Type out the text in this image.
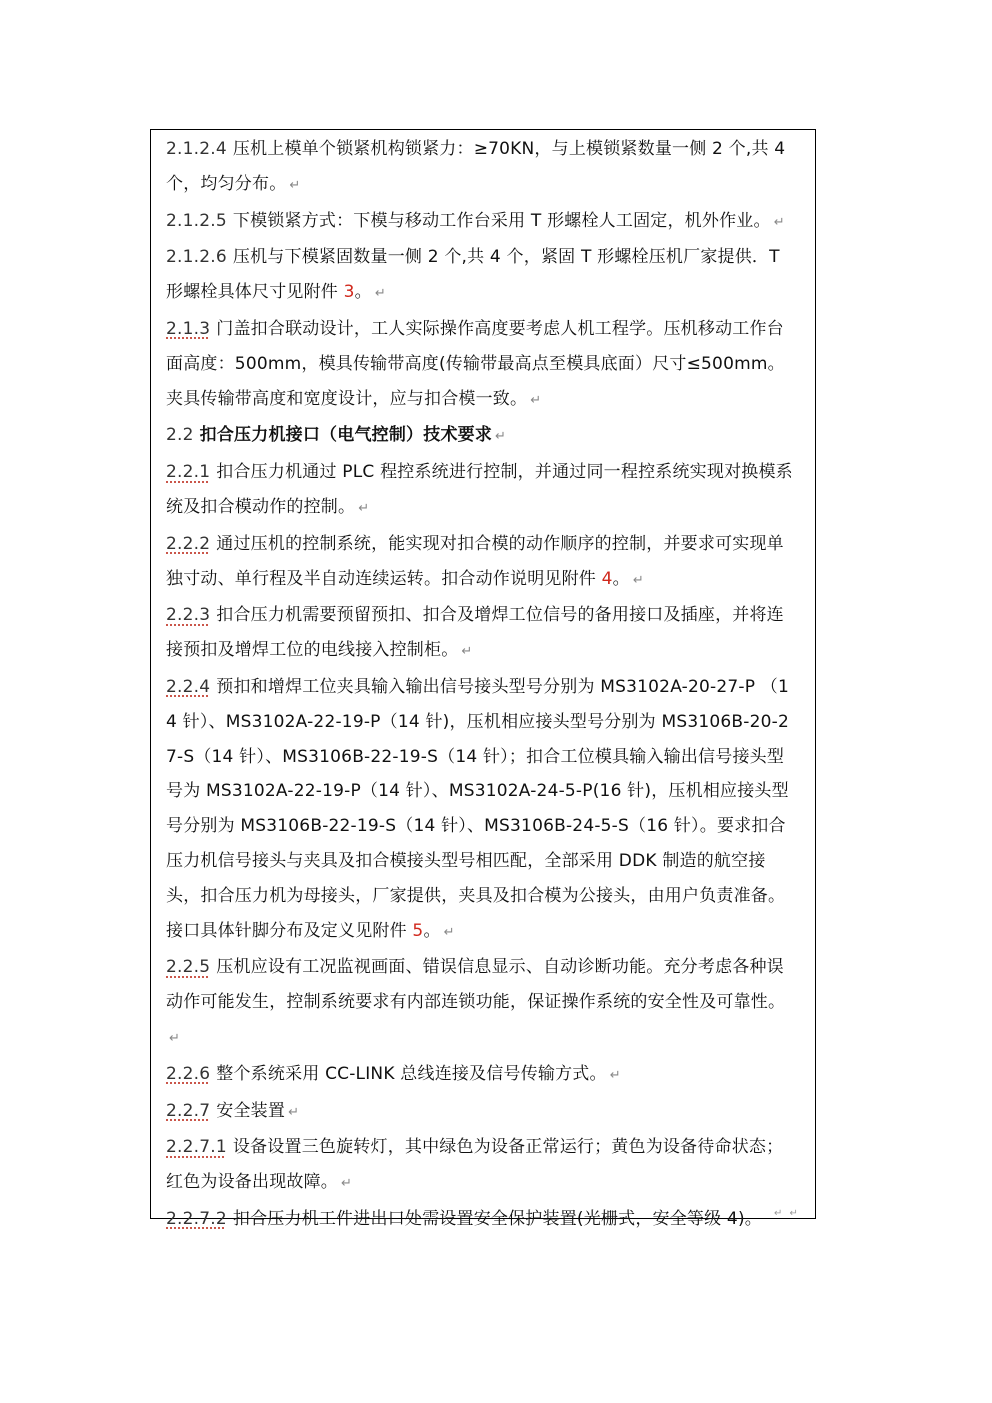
2.1.2.4 压机上模单个锁紧机构锁紧力：≥70KN，与上模锁紧数量一侧 2 个,共 4 个，均匀分布。 ↵

2.1.2.5 下模锁紧方式：下模与移动工作台采用 T 形螺栓人工固定，机外作业。 ↵

2.1.2.6 压机与下模紧固数量一侧 2 个,共 4 个，紧固 T 形螺栓压机厂家提供．T 形螺栓具体尺寸见附件 3。 ↵

2.1.3 门盖扣合联动设计，工人实际操作高度要考虑人机工程学。压机移动工作台面高度：500mm，模具传输带高度(传输带最高点至模具底面）尺寸≤500mm。夹具传输带高度和宽度设计，应与扣合模一致。 ↵

2.2 扣合压力机接口（电气控制）技术要求 ↵

2.2.1 扣合压力机通过 PLC 程控系统进行控制，并通过同一程控系统实现对换模系统及扣合模动作的控制。 ↵

2.2.2 通过压机的控制系统，能实现对扣合模的动作顺序的控制，并要求可实现单独寸动、单行程及半自动连续运转。扣合动作说明见附件 4。 ↵

2.2.3 扣合压力机需要预留预扣、扣合及增焊工位信号的备用接口及插座，并将连接预扣及增焊工位的电线接入控制柜。 ↵

2.2.4 预扣和增焊工位夹具输入输出信号接头型号分别为 MS3102A-20-27-P （14 针）、MS3102A-22-19-P（14 针)，压机相应接头型号分别为 MS3106B-20-27-S（14 针）、MS3106B-22-19-S（14 针）；扣合工位模具输入输出信号接头型号为 MS3102A-22-19-P（14 针）、MS3102A-24-5-P(16 针)，压机相应接头型号分别为 MS3106B-22-19-S（14 针）、MS3106B-24-5-S（16 针）。要求扣合压力机信号接头与夹具及扣合模接头型号相匹配，全部采用 DDK 制造的航空接头，扣合压力机为母接头，厂家提供，夹具及扣合模为公接头，由用户负责准备。接口具体针脚分布及定义见附件 5。 ↵

2.2.5 压机应设有工况监视画面、错误信息显示、自动诊断功能。充分考虑各种误动作可能发生，控制系统要求有内部连锁功能，保证操作系统的安全性及可靠性。↵

2.2.6 整个系统采用 CC-LINK 总线连接及信号传输方式。 ↵

2.2.7 安全装置 ↵

2.2.7.1 设备设置三色旋转灯，其中绿色为设备正常运行；黄色为设备待命状态；红色为设备出现故障。 ↵

2.2.7.2 扣合压力机工件进出口处需设置安全保护装置(光栅式，安全等级 4)。	↵ ↵
